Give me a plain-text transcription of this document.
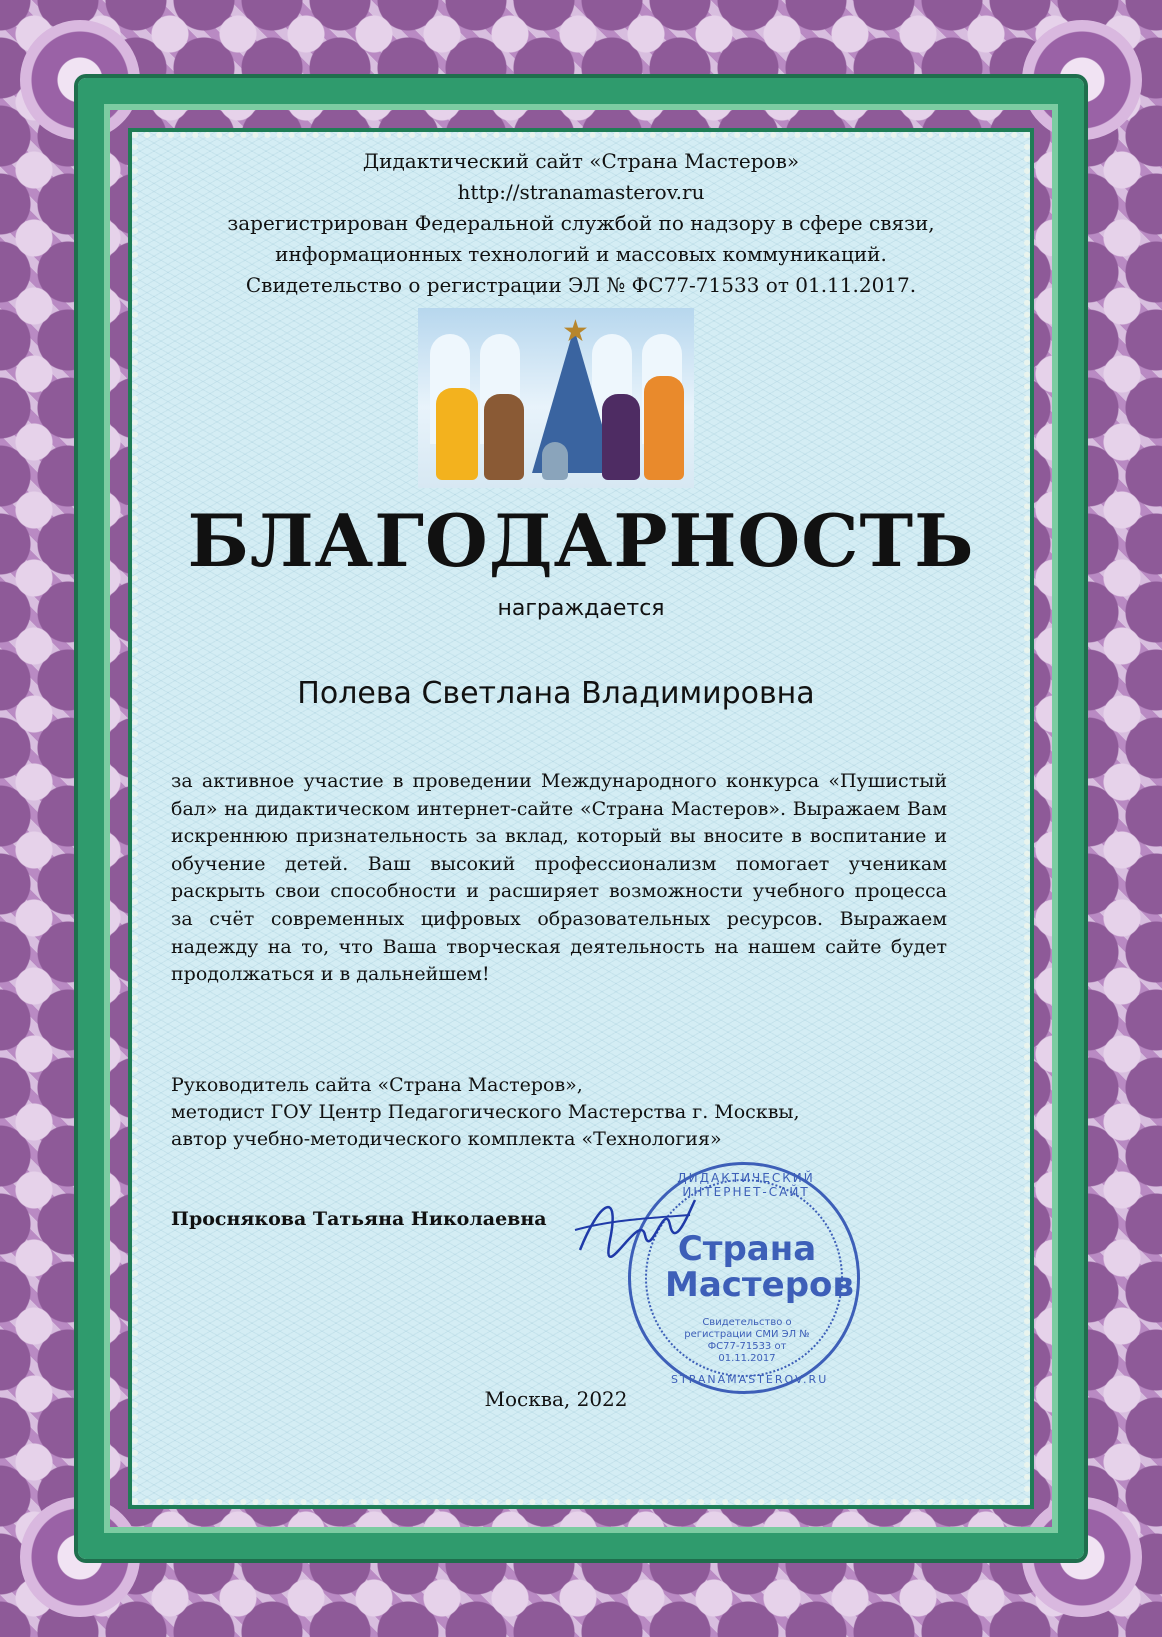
Дидактический сайт «Страна Мастеров»
http://stranamasterov.ru
зарегистрирован Федеральной службой по надзору в сфере связи,
информационных технологий и массовых коммуникаций.
Свидетельство о регистрации ЭЛ № ФС77-71533 от 01.11.2017.
★
БЛАГОДАРНОСТЬ
награждается
Полева Светлана Владимировна
за активное участие в проведении Международного конкурса «Пушистый бал» на дидактическом интернет-сайте «Страна Мастеров». Выражаем Вам искреннюю признательность за вклад, который вы вносите в воспитание и обучение детей. Ваш высокий профессионализм помогает ученикам раскрыть свои способности и расширяет возможности учебного процесса за счёт современных цифровых образовательных ресурсов. Выражаем надежду на то, что Ваша творческая деятельность на нашем сайте будет продолжаться и в дальнейшем!
Руководитель сайта «Страна Мастеров»,
методист ГОУ Центр Педагогического Мастерства г. Москвы,
автор учебно-методического комплекта «Технология»
Проснякова Татьяна Николаевна
ДИДАКТИЧЕСКИЙ ИНТЕРНЕТ-САЙТ
Страна Мастеров
Свидетельство о регистрации СМИ ЭЛ № ФС77-71533 от 01.11.2017
STRANAMASTEROV.RU
Москва, 2022
